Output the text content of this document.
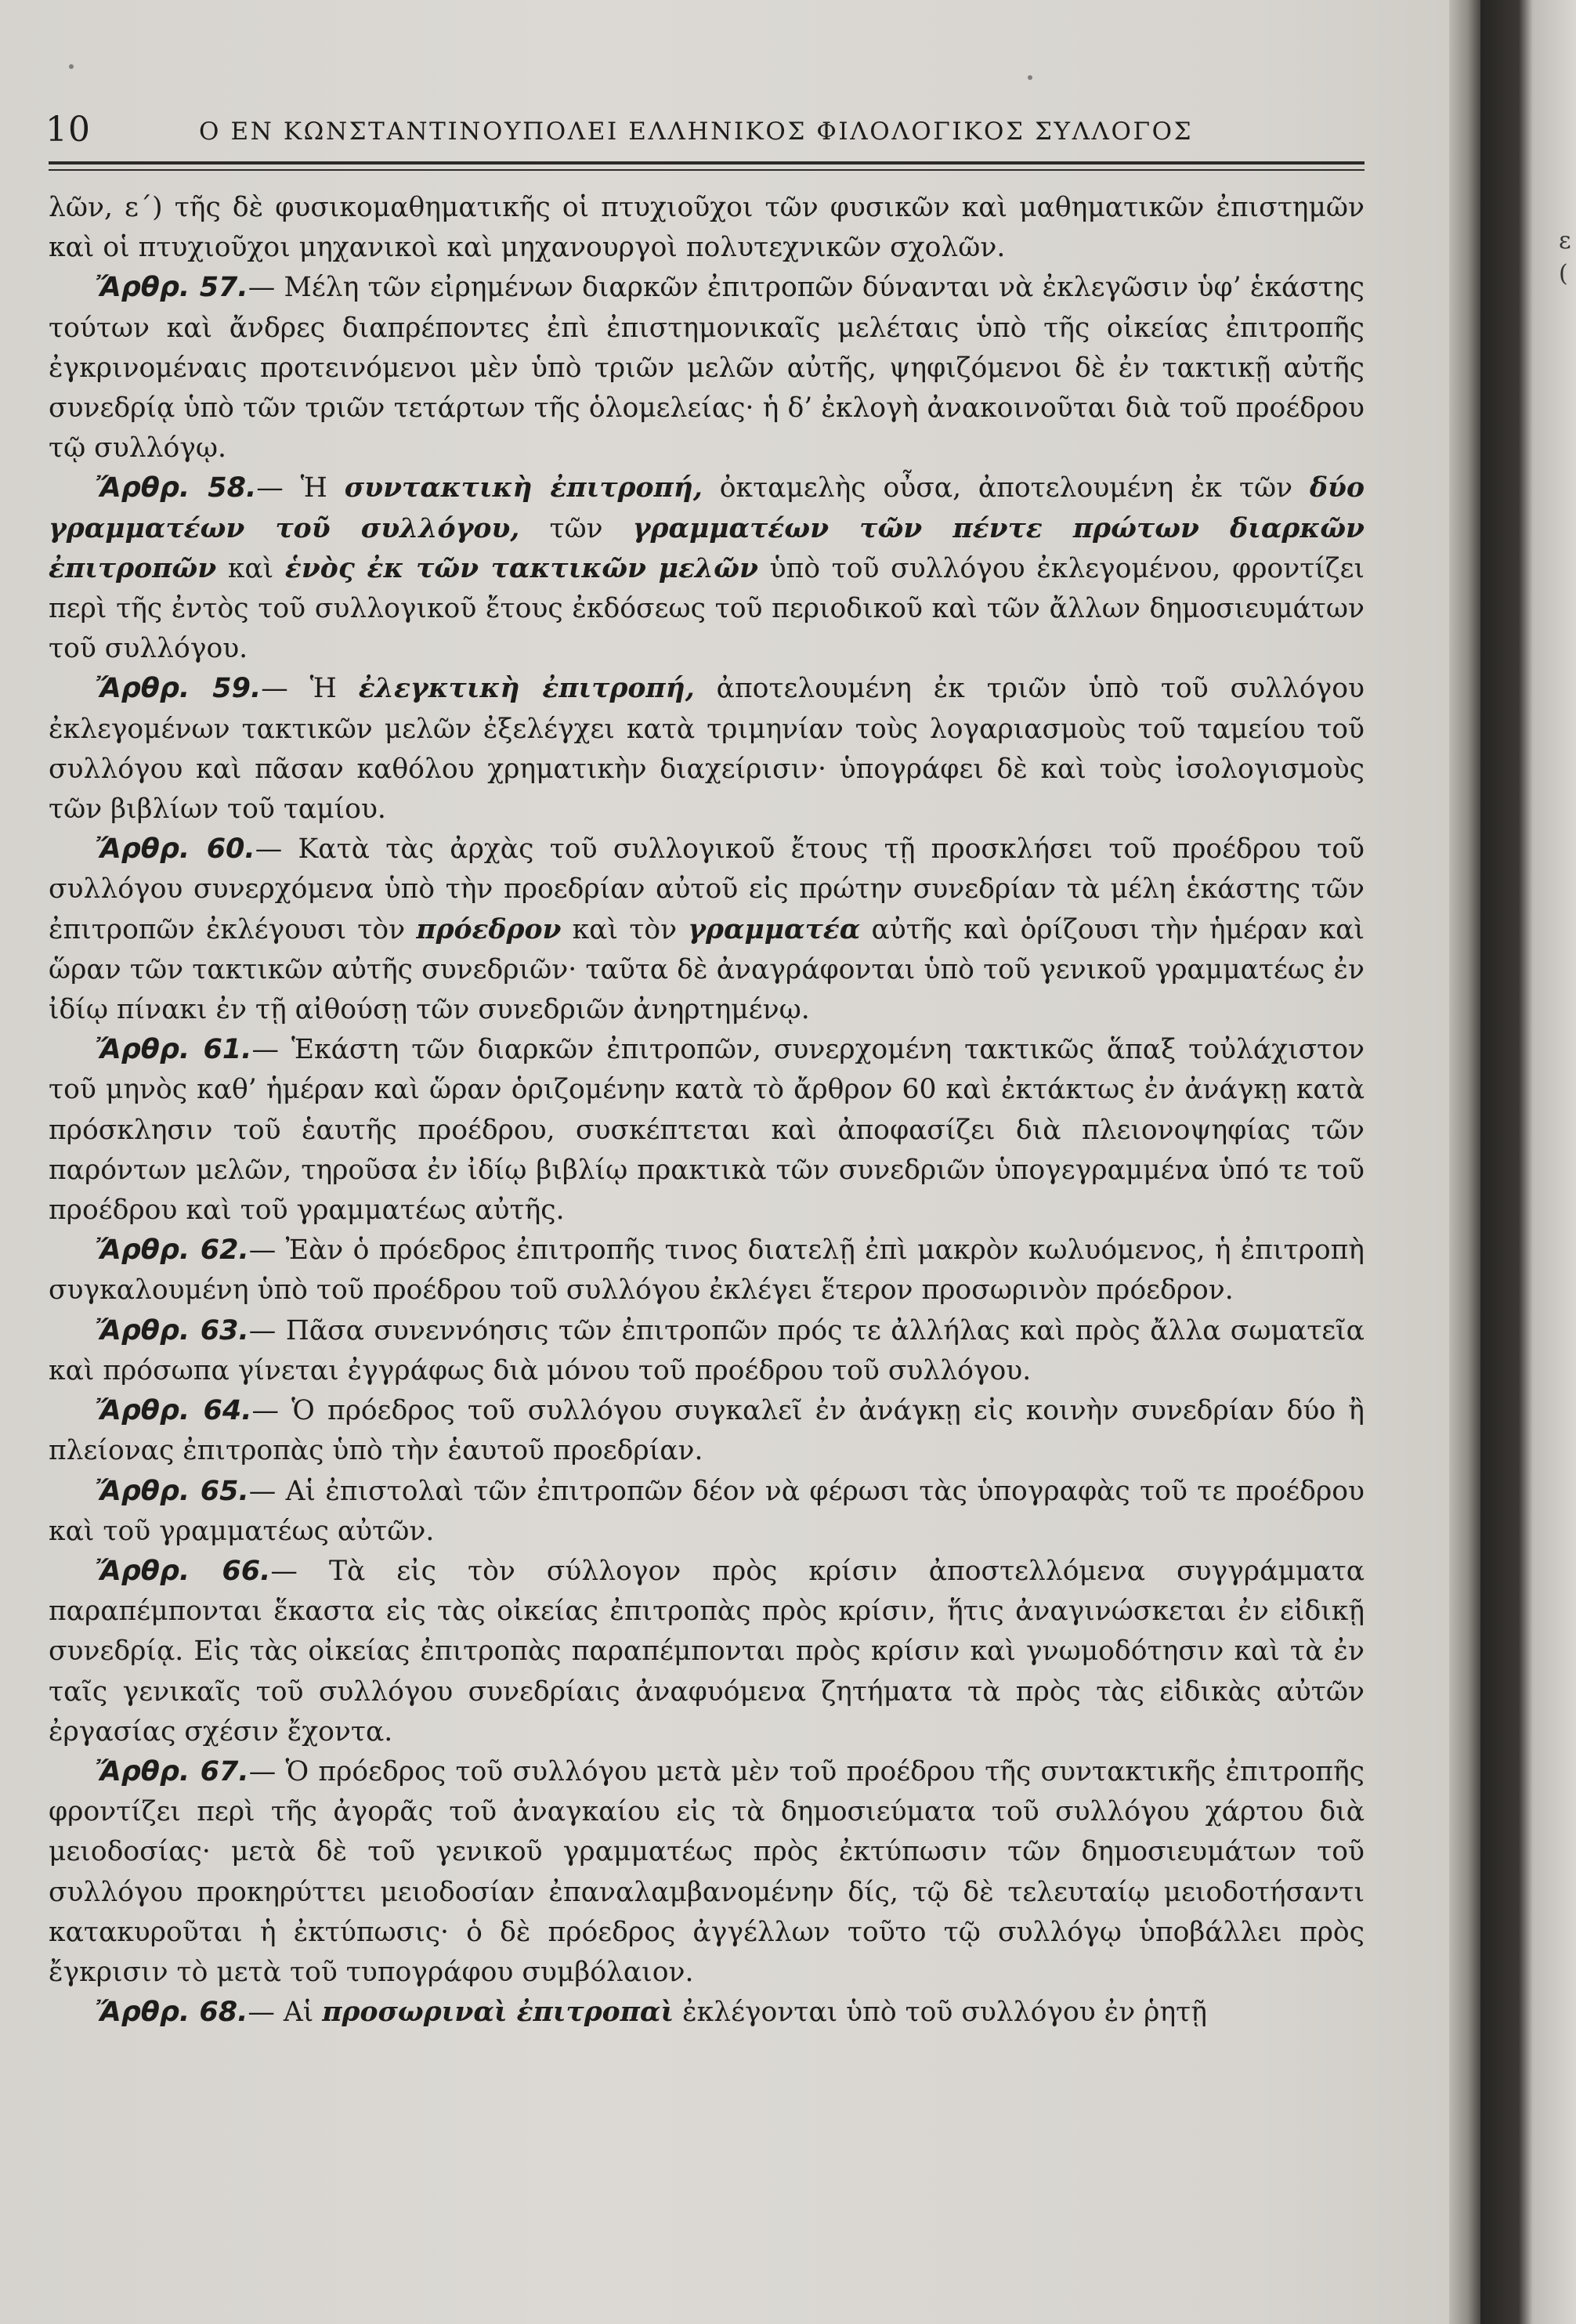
ε
(
10	Ο ΕΝ ΚΩΝΣΤΑΝΤΙΝΟΥΠΟΛΕΙ ΕΛΛΗΝΙΚΟΣ ΦΙΛΟΛΟΓΙΚΟΣ ΣΥΛΛΟΓΟΣ

λῶν, ε΄) τῆς δὲ φυσικομαθηματικῆς οἱ πτυχιοῦχοι τῶν φυσικῶν καὶ μαθηματικῶν ἐπιστημῶν καὶ οἱ πτυχιοῦχοι μηχανικοὶ καὶ μηχανουργοὶ πολυτεχνικῶν σχολῶν.

Ἄρθρ. 57.— Μέλη τῶν εἰρημένων διαρκῶν ἐπιτροπῶν δύνανται νὰ ἐκλεγῶσιν ὑφ’ ἑκάστης τούτων καὶ ἄνδρες διαπρέποντες ἐπὶ ἐπιστημονικαῖς μελέταις ὑπὸ τῆς οἰκείας ἐπιτροπῆς ἐγκρινομέναις προτεινόμενοι μὲν ὑπὸ τριῶν μελῶν αὐτῆς, ψηφιζόμενοι δὲ ἐν τακτικῇ αὐτῆς συνεδρίᾳ ὑπὸ τῶν τριῶν τετάρτων τῆς ὁλομελείας· ἡ δ’ ἐκλογὴ ἀνακοινοῦται διὰ τοῦ προέδρου τῷ συλλόγῳ.

Ἄρθρ. 58.— Ἡ συντακτικὴ ἐπιτροπή, ὀκταμελὴς οὖσα, ἀποτελουμένη ἐκ τῶν δύο γραμματέων τοῦ συλλόγου, τῶν γραμματέων τῶν πέντε πρώτων διαρκῶν ἐπιτροπῶν καὶ ἑνὸς ἐκ τῶν τακτικῶν μελῶν ὑπὸ τοῦ συλλόγου ἐκλεγομένου, φροντίζει περὶ τῆς ἐντὸς τοῦ συλλογικοῦ ἔτους ἐκδόσεως τοῦ περιοδικοῦ καὶ τῶν ἄλλων δημοσιευμάτων τοῦ συλλόγου.

Ἄρθρ. 59.— Ἡ ἐλεγκτικὴ ἐπιτροπή, ἀποτελουμένη ἐκ τριῶν ὑπὸ τοῦ συλλόγου ἐκλεγομένων τακτικῶν μελῶν ἐξελέγχει κατὰ τριμηνίαν τοὺς λογαριασμοὺς τοῦ ταμείου τοῦ συλλόγου καὶ πᾶσαν καθόλου χρηματικὴν διαχείρισιν· ὑπογράφει δὲ καὶ τοὺς ἰσολογισμοὺς τῶν βιβλίων τοῦ ταμίου.

Ἄρθρ. 60.— Κατὰ τὰς ἀρχὰς τοῦ συλλογικοῦ ἔτους τῇ προσκλήσει τοῦ προέδρου τοῦ συλλόγου συνερχόμενα ὑπὸ τὴν προεδρίαν αὐτοῦ εἰς πρώτην συνεδρίαν τὰ μέλη ἑκάστης τῶν ἐπιτροπῶν ἐκλέγουσι τὸν πρόεδρον καὶ τὸν γραμματέα αὐτῆς καὶ ὁρίζουσι τὴν ἡμέραν καὶ ὥραν τῶν τακτικῶν αὐτῆς συνεδριῶν· ταῦτα δὲ ἀναγράφονται ὑπὸ τοῦ γενικοῦ γραμματέως ἐν ἰδίῳ πίνακι ἐν τῇ αἰθούσῃ τῶν συνεδριῶν ἀνηρτημένῳ.

Ἄρθρ. 61.— Ἑκάστη τῶν διαρκῶν ἐπιτροπῶν, συνερχομένη τακτικῶς ἅπαξ τοὐλάχιστον τοῦ μηνὸς καθ’ ἡμέραν καὶ ὥραν ὁριζομένην κατὰ τὸ ἄρθρον 60 καὶ ἐκτάκτως ἐν ἀνάγκῃ κατὰ πρόσκλησιν τοῦ ἑαυτῆς προέδρου, συσκέπτεται καὶ ἀποφασίζει διὰ πλειονοψηφίας τῶν παρόντων μελῶν, τηροῦσα ἐν ἰδίῳ βιβλίῳ πρακτικὰ τῶν συνεδριῶν ὑπογεγραμμένα ὑπό τε τοῦ προέδρου καὶ τοῦ γραμματέως αὐτῆς.

Ἄρθρ. 62.— Ἐὰν ὁ πρόεδρος ἐπιτροπῆς τινος διατελῇ ἐπὶ μακρὸν κωλυόμενος, ἡ ἐπιτροπὴ συγκαλουμένη ὑπὸ τοῦ προέδρου τοῦ συλλόγου ἐκλέγει ἕτερον προσωρινὸν πρόεδρον.

Ἄρθρ. 63.— Πᾶσα συνεννόησις τῶν ἐπιτροπῶν πρός τε ἀλλήλας καὶ πρὸς ἄλλα σωματεῖα καὶ πρόσωπα γίνεται ἐγγράφως διὰ μόνου τοῦ προέδρου τοῦ συλλόγου.

Ἄρθρ. 64.— Ὁ πρόεδρος τοῦ συλλόγου συγκαλεῖ ἐν ἀνάγκῃ εἰς κοινὴν συνεδρίαν δύο ἢ πλείονας ἐπιτροπὰς ὑπὸ τὴν ἑαυτοῦ προεδρίαν.

Ἄρθρ. 65.— Αἱ ἐπιστολαὶ τῶν ἐπιτροπῶν δέον νὰ φέρωσι τὰς ὑπογραφὰς τοῦ τε προέδρου καὶ τοῦ γραμματέως αὐτῶν.

Ἄρθρ. 66.— Τὰ εἰς τὸν σύλλογον πρὸς κρίσιν ἀποστελλόμενα συγγράμματα παραπέμπονται ἕκαστα εἰς τὰς οἰκείας ἐπιτροπὰς πρὸς κρίσιν, ἥτις ἀναγινώσκεται ἐν εἰδικῇ συνεδρίᾳ. Εἰς τὰς οἰκείας ἐπιτροπὰς παραπέμπονται πρὸς κρίσιν καὶ γνωμοδότησιν καὶ τὰ ἐν ταῖς γενικαῖς τοῦ συλλόγου συνεδρίαις ἀναφυόμενα ζητήματα τὰ πρὸς τὰς εἰδικὰς αὐτῶν ἐργασίας σχέσιν ἔχοντα.

Ἄρθρ. 67.— Ὁ πρόεδρος τοῦ συλλόγου μετὰ μὲν τοῦ προέδρου τῆς συντακτικῆς ἐπιτροπῆς φροντίζει περὶ τῆς ἀγορᾶς τοῦ ἀναγκαίου εἰς τὰ δημοσιεύματα τοῦ συλλόγου χάρτου διὰ μειοδοσίας· μετὰ δὲ τοῦ γενικοῦ γραμματέως πρὸς ἐκτύπωσιν τῶν δημοσιευμάτων τοῦ συλλόγου προκηρύττει μειοδοσίαν ἐπαναλαμβανομένην δίς, τῷ δὲ τελευταίῳ μειοδοτήσαντι κατακυροῦται ἡ ἐκτύπωσις· ὁ δὲ πρόεδρος ἀγγέλλων τοῦτο τῷ συλλόγῳ ὑποβάλλει πρὸς ἔγκρισιν τὸ μετὰ τοῦ τυπογράφου συμβόλαιον.

Ἄρθρ. 68.— Αἱ προσωριναὶ ἐπιτροπαὶ ἐκλέγονται ὑπὸ τοῦ συλλόγου ἐν ῥητῇ
